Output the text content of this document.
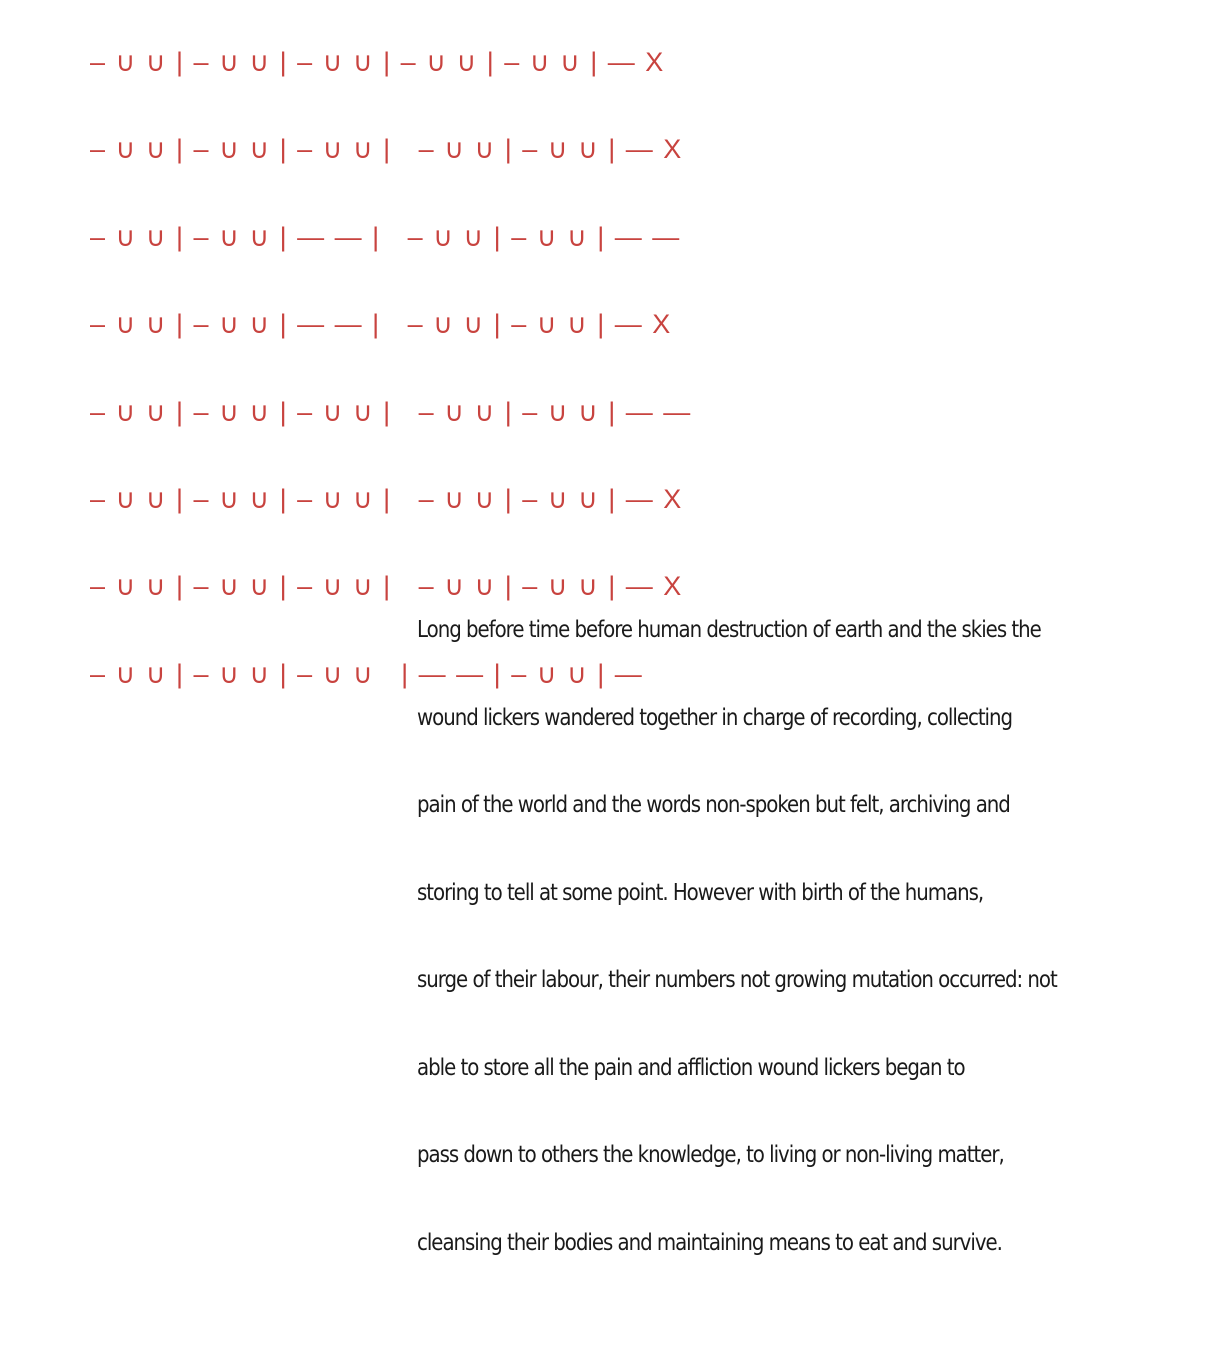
– ∪ ∪ | – ∪ ∪ | – ∪ ∪ | – ∪ ∪ | – ∪ ∪ | — X
– ∪ ∪ | – ∪ ∪ | – ∪ ∪ |   – ∪ ∪ | – ∪ ∪ | — X
– ∪ ∪ | – ∪ ∪ | — — |   – ∪ ∪ | – ∪ ∪ | — —
– ∪ ∪ | – ∪ ∪ | — — |   – ∪ ∪ | – ∪ ∪ | — X
– ∪ ∪ | – ∪ ∪ | – ∪ ∪ |   – ∪ ∪ | – ∪ ∪ | — —
– ∪ ∪ | – ∪ ∪ | – ∪ ∪ |   – ∪ ∪ | – ∪ ∪ | — X
– ∪ ∪ | – ∪ ∪ | – ∪ ∪ |   – ∪ ∪ | – ∪ ∪ | — X
– ∪ ∪ | – ∪ ∪ | – ∪ ∪   | — — | – ∪ ∪ | —
Long before time before human destruction of earth and the skies the
wound lickers wandered together in charge of recording, collecting
pain of the world and the words non-spoken but felt, archiving and
storing to tell at some point. However with birth of the humans,
surge of their labour, their numbers not growing mutation occurred: not
able to store all the pain and affliction wound lickers began to
pass down to others the knowledge, to living or non-living matter,
cleansing their bodies and maintaining means to eat and survive.
